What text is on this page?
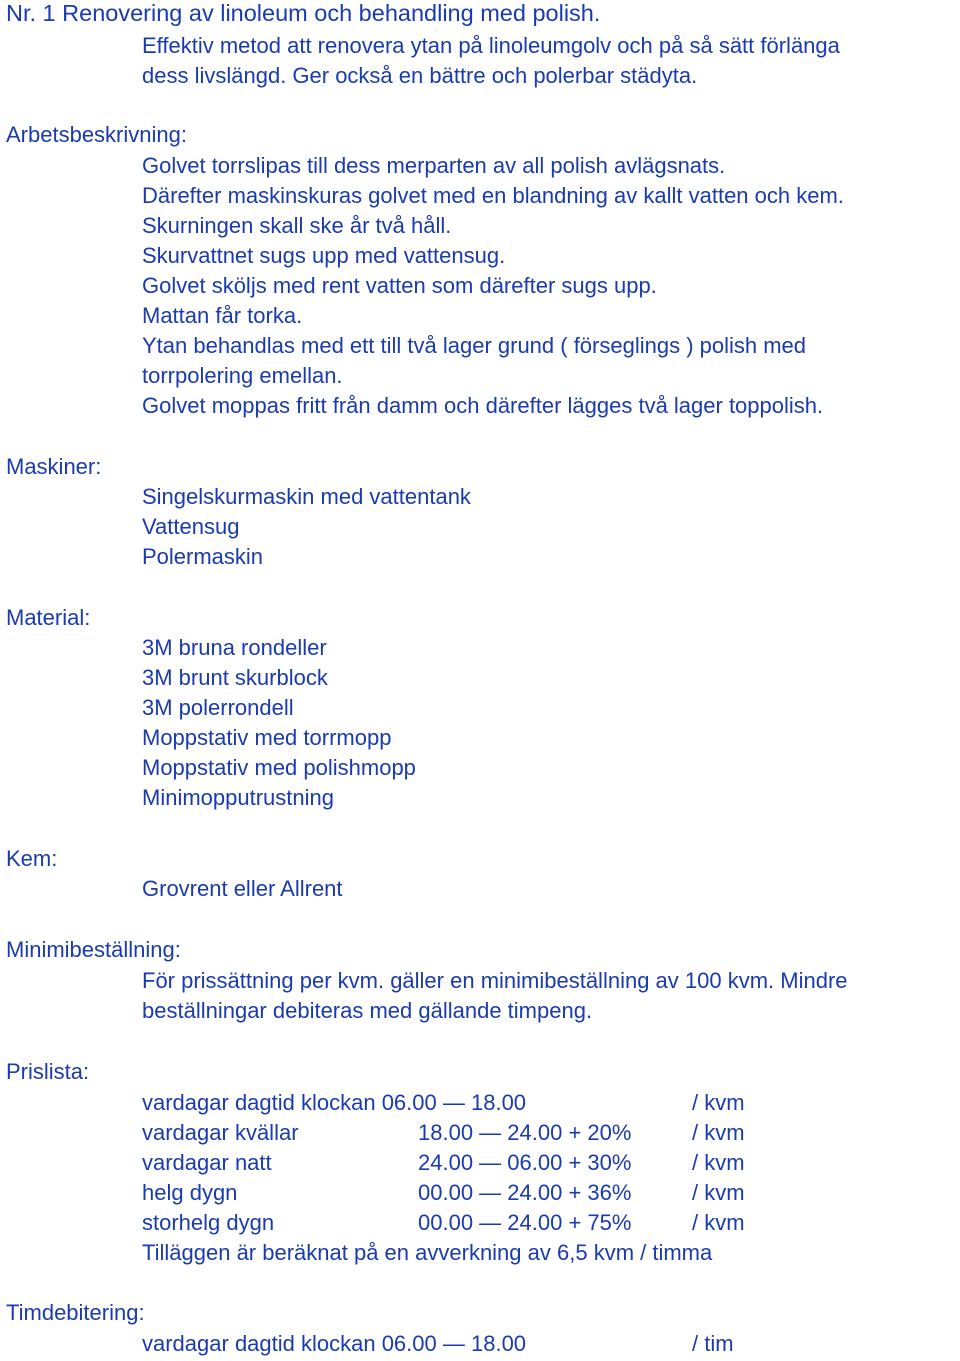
Nr. 1 Renovering av linoleum och behandling med polish.
Effektiv metod att renovera ytan på linoleumgolv och på så sätt förlänga
dess livslängd. Ger också en bättre och polerbar städyta.
Arbetsbeskrivning:
Golvet torrslipas till dess merparten av all polish avlägsnats.
Därefter maskinskuras golvet med en blandning av kallt vatten och kem.
Skurningen skall ske år två håll.
Skurvattnet sugs upp med vattensug.
Golvet sköljs med rent vatten som därefter sugs upp.
Mattan får torka.
Ytan behandlas med ett till två lager grund ( förseglings ) polish med
torrpolering emellan.
Golvet moppas fritt från damm och därefter lägges två lager toppolish.
Maskiner:
Singelskurmaskin med vattentank
Vattensug
Polermaskin
Material:
3M bruna rondeller
3M brunt skurblock
3M polerrondell
Moppstativ med torrmopp
Moppstativ med polishmopp
Minimopputrustning
Kem:
Grovrent eller Allrent
Minimibeställning:
För prissättning per kvm. gäller en minimibeställning av 100 kvm. Mindre
beställningar debiteras med gällande timpeng.
Prislista:
vardagar dagtid klockan 06.00 — 18.00	/ kvm
vardagar kvällar	18.00 — 24.00 + 20%	/ kvm
vardagar natt	24.00 — 06.00 + 30%	/ kvm
helg dygn	00.00 — 24.00 + 36%	/ kvm
storhelg dygn	00.00 — 24.00 + 75%	/ kvm
Tilläggen är beräknat på en avverkning av 6,5 kvm / timma
Timdebitering:
vardagar dagtid klockan 06.00 — 18.00	/ tim
